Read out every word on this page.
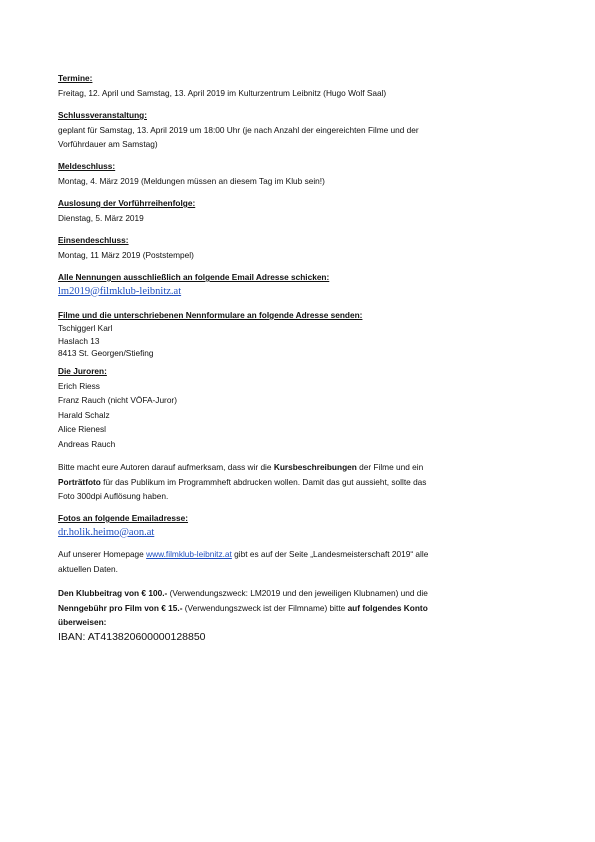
Termine:
Freitag, 12. April und Samstag, 13. April 2019 im Kulturzentrum Leibnitz (Hugo Wolf Saal)
Schlussveranstaltung:
geplant für Samstag, 13. April 2019 um 18:00 Uhr (je nach Anzahl der eingereichten Filme und der
Vorführdauer am Samstag)
Meldeschluss:
Montag, 4. März 2019 (Meldungen müssen an diesem Tag im Klub sein!)
Auslosung der Vorführreihenfolge:
Dienstag, 5. März 2019
Einsendeschluss:
Montag, 11 März 2019 (Poststempel)
Alle Nennungen ausschließlich an folgende Email Adresse schicken:
lm2019@filmklub-leibnitz.at
Filme und die unterschriebenen Nennformulare an folgende Adresse senden:
Tschiggerl Karl
Haslach 13
8413 St. Georgen/Stiefing
Die Juroren:
Erich Riess
Franz Rauch (nicht VÖFA-Juror)
Harald Schalz
Alice Rienesl
Andreas Rauch
Bitte macht eure Autoren darauf aufmerksam, dass wir die Kursbeschreibungen der Filme und ein
Porträtfoto für das Publikum im Programmheft abdrucken wollen. Damit das gut aussieht, sollte das
Foto 300dpi Auflösung haben.
Fotos an folgende Emailadresse:
dr.holik.heimo@aon.at
Auf unserer Homepage www.filmklub-leibnitz.at gibt es auf der Seite „Landesmeisterschaft 2019“ alle
aktuellen Daten.
Den Klubbeitrag von € 100.- (Verwendungszweck: LM2019 und den jeweiligen Klubnamen) und die
Nenngebühr pro Film von € 15.- (Verwendungszweck ist der Filmname) bitte auf folgendes Konto
überweisen:
IBAN: AT413820600000128850
